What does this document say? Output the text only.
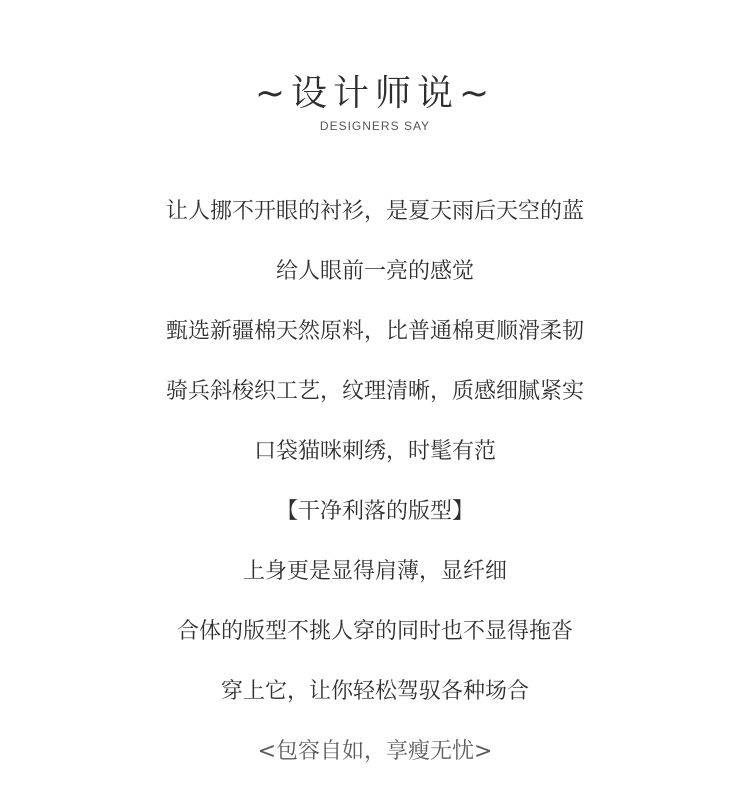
~设计师说~
DESIGNERS SAY
让人挪不开眼的衬衫，是夏天雨后天空的蓝
给人眼前一亮的感觉
甄选新疆棉天然原料，比普通棉更顺滑柔韧
骑兵斜梭织工艺，纹理清晰，质感细腻紧实
口袋猫咪刺绣，时髦有范
【干净利落的版型】
上身更是显得肩薄，显纤细
合体的版型不挑人穿的同时也不显得拖沓
穿上它，让你轻松驾驭各种场合
<包容自如，享瘦无忧>
